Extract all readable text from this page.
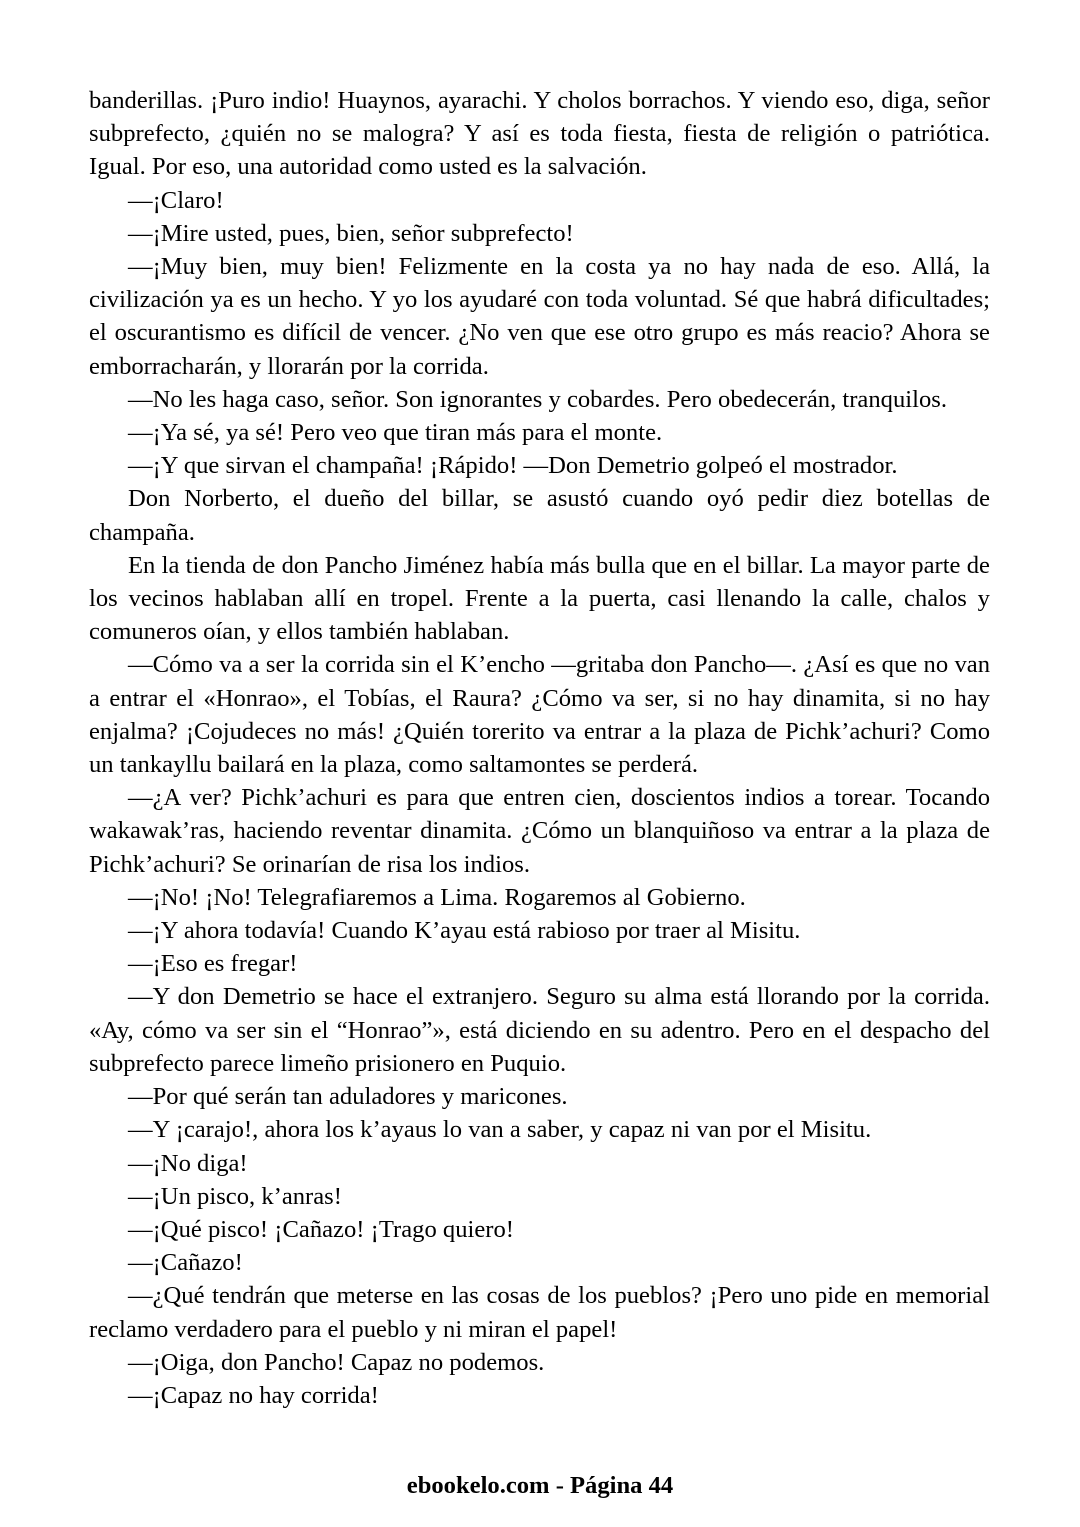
banderillas. ¡Puro indio! Huaynos, ayarachi. Y cholos borrachos. Y viendo eso, diga, señor subprefecto, ¿quién no se malogra? Y así es toda fiesta, fiesta de religión o patriótica. Igual. Por eso, una autoridad como usted es la salvación.

—¡Claro!

—¡Mire usted, pues, bien, señor subprefecto!

—¡Muy bien, muy bien! Felizmente en la costa ya no hay nada de eso. Allá, la civilización ya es un hecho. Y yo los ayudaré con toda voluntad. Sé que habrá dificultades; el oscurantismo es difícil de vencer. ¿No ven que ese otro grupo es más reacio? Ahora se emborracharán, y llorarán por la corrida.

—No les haga caso, señor. Son ignorantes y cobardes. Pero obedecerán, tranquilos.

—¡Ya sé, ya sé! Pero veo que tiran más para el monte.

—¡Y que sirvan el champaña! ¡Rápido! —Don Demetrio golpeó el mostrador.

Don Norberto, el dueño del billar, se asustó cuando oyó pedir diez botellas de champaña.

En la tienda de don Pancho Jiménez había más bulla que en el billar. La mayor parte de los vecinos hablaban allí en tropel. Frente a la puerta, casi llenando la calle, chalos y comuneros oían, y ellos también hablaban.

—Cómo va a ser la corrida sin el K’encho —gritaba don Pancho—. ¿Así es que no van a entrar el «Honrao», el Tobías, el Raura? ¿Cómo va ser, si no hay dinamita, si no hay enjalma? ¡Cojudeces no más! ¿Quién torerito va entrar a la plaza de Pichk’achuri? Como un tankayllu bailará en la plaza, como saltamontes se perderá.

—¿A ver? Pichk’achuri es para que entren cien, doscientos indios a torear. Tocando wakawak’ras, haciendo reventar dinamita. ¿Cómo un blanquiñoso va entrar a la plaza de Pichk’achuri? Se orinarían de risa los indios.

—¡No! ¡No! Telegrafiaremos a Lima. Rogaremos al Gobierno.

—¡Y ahora todavía! Cuando K’ayau está rabioso por traer al Misitu.

—¡Eso es fregar!

—Y don Demetrio se hace el extranjero. Seguro su alma está llorando por la corrida. «Ay, cómo va ser sin el “Honrao”», está diciendo en su adentro. Pero en el despacho del subprefecto parece limeño prisionero en Puquio.

—Por qué serán tan aduladores y maricones.

—Y ¡carajo!, ahora los k’ayaus lo van a saber, y capaz ni van por el Misitu.

—¡No diga!

—¡Un pisco, k’anras!

—¡Qué pisco! ¡Cañazo! ¡Trago quiero!

—¡Cañazo!

—¿Qué tendrán que meterse en las cosas de los pueblos? ¡Pero uno pide en memorial reclamo verdadero para el pueblo y ni miran el papel!

—¡Oiga, don Pancho! Capaz no podemos.

—¡Capaz no hay corrida!

ebookelo.com - Página 44
